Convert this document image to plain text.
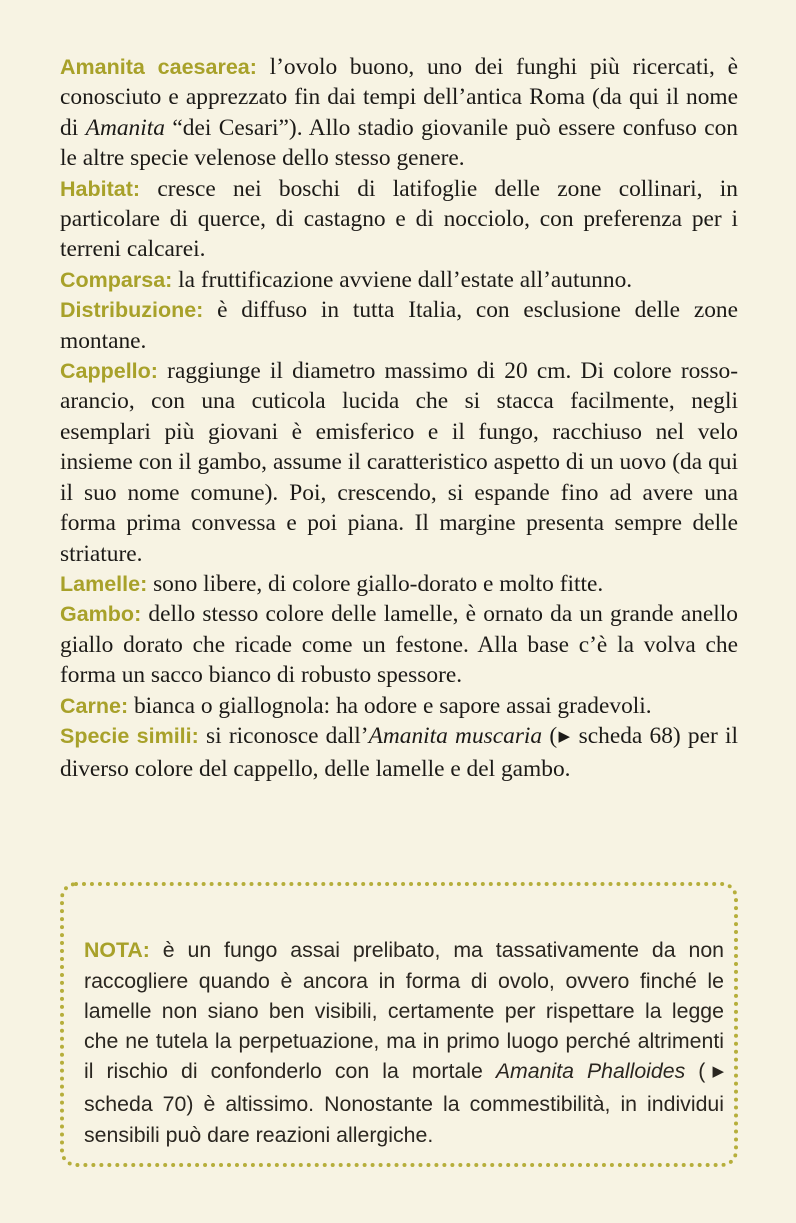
Amanita caesarea: l’ovolo buono, uno dei funghi più ricercati, è conosciuto e apprezzato fin dai tempi dell’antica Roma (da qui il nome di Amanita “dei Cesari”). Allo stadio giovanile può essere confuso con le altre specie velenose dello stesso genere.

Habitat: cresce nei boschi di latifoglie delle zone collinari, in particolare di querce, di castagno e di nocciolo, con preferenza per i terreni calcarei.

Comparsa: la fruttificazione avviene dall’estate all’autunno.

Distribuzione: è diffuso in tutta Italia, con esclusione delle zone montane.

Cappello: raggiunge il diametro massimo di 20 cm. Di colore rosso-arancio, con una cuticola lucida che si stacca facilmente, negli esemplari più giovani è emisferico e il fungo, racchiuso nel velo insieme con il gambo, assume il caratteristico aspetto di un uovo (da qui il suo nome comune). Poi, crescendo, si espande fino ad avere una forma prima convessa e poi piana. Il margine presenta sempre delle striature.

Lamelle: sono libere, di colore giallo-dorato e molto fitte.

Gambo: dello stesso colore delle lamelle, è ornato da un grande anello giallo dorato che ricade come un festone. Alla base c’è la volva che forma un sacco bianco di robusto spessore.

Carne: bianca o giallognola: ha odore e sapore assai gradevoli.

Specie simili: si riconosce dall’Amanita muscaria (▶ scheda 68) per il diverso colore del cappello, delle lamelle e del gambo.

NOTA: è un fungo assai prelibato, ma tassativamente da non raccogliere quando è ancora in forma di ovolo, ovvero finché le lamelle non siano ben visibili, certamente per rispettare la legge che ne tutela la perpetuazione, ma in primo luogo perché altrimenti il rischio di confonderlo con la mortale Amanita Phalloides (▶ scheda 70) è altissimo. Nonostante la commestibilità, in individui sensibili può dare reazioni allergiche.
